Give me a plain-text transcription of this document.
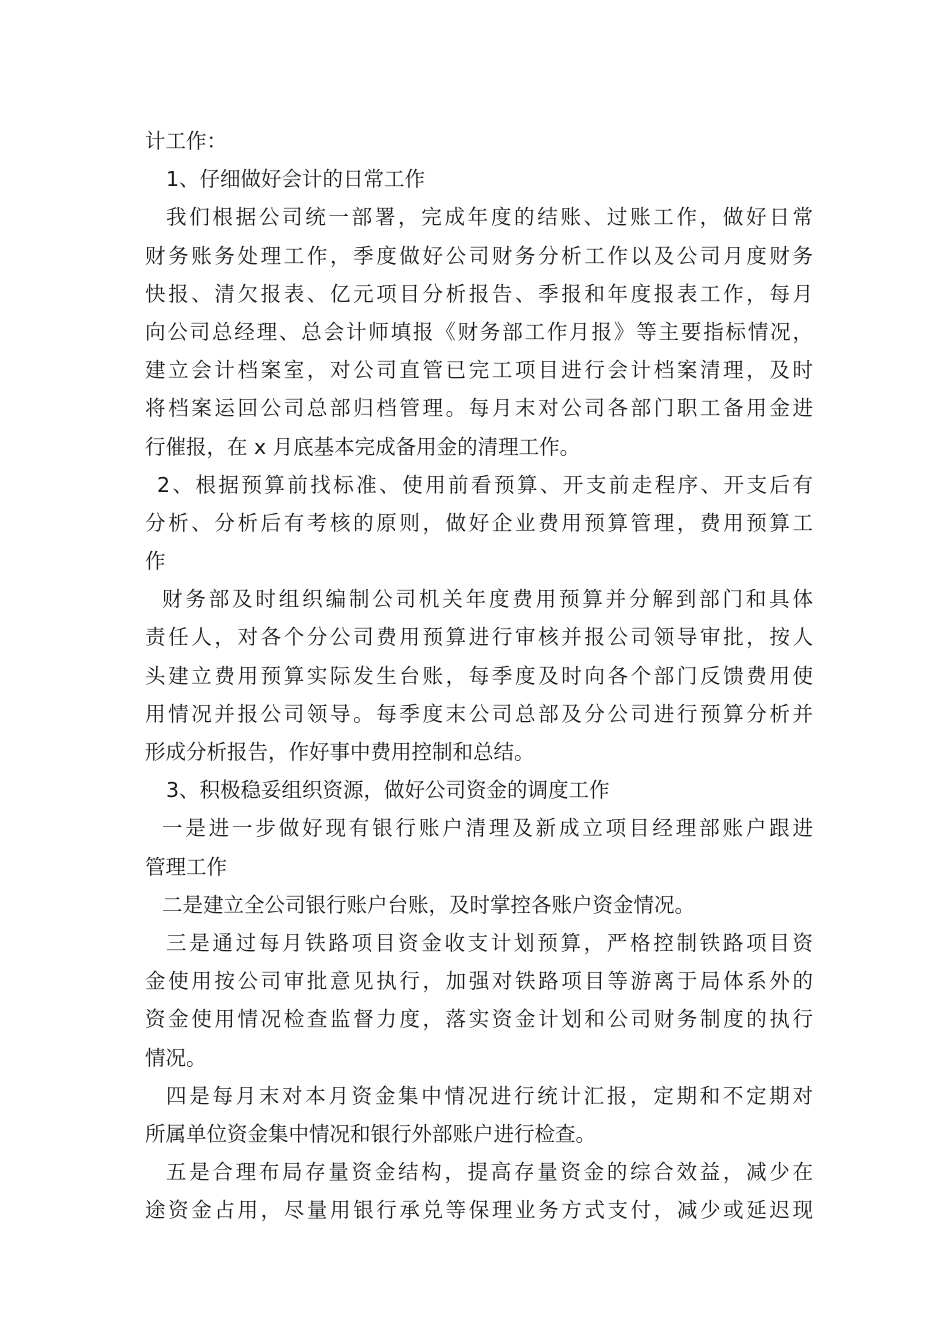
计工作：
1、仔细做好会计的日常工作
我们根据公司统一部署，完成年度的结账、过账工作，做好日常
财务账务处理工作，季度做好公司财务分析工作以及公司月度财务
快报、清欠报表、亿元项目分析报告、季报和年度报表工作，每月
向公司总经理、总会计师填报《财务部工作月报》等主要指标情况，
建立会计档案室，对公司直管已完工项目进行会计档案清理，及时
将档案运回公司总部归档管理。每月末对公司各部门职工备用金进
行催报，在 x 月底基本完成备用金的清理工作。
2、根据预算前找标准、使用前看预算、开支前走程序、开支后有
分析、分析后有考核的原则，做好企业费用预算管理，费用预算工
作
财务部及时组织编制公司机关年度费用预算并分解到部门和具体
责任人，对各个分公司费用预算进行审核并报公司领导审批，按人
头建立费用预算实际发生台账，每季度及时向各个部门反馈费用使
用情况并报公司领导。每季度末公司总部及分公司进行预算分析并
形成分析报告，作好事中费用控制和总结。
3、积极稳妥组织资源，做好公司资金的调度工作
一是进一步做好现有银行账户清理及新成立项目经理部账户跟进
管理工作
二是建立全公司银行账户台账，及时掌控各账户资金情况。
三是通过每月铁路项目资金收支计划预算，严格控制铁路项目资
金使用按公司审批意见执行，加强对铁路项目等游离于局体系外的
资金使用情况检查监督力度，落实资金计划和公司财务制度的执行
情况。
四是每月末对本月资金集中情况进行统计汇报，定期和不定期对
所属单位资金集中情况和银行外部账户进行检查。
五是合理布局存量资金结构，提高存量资金的综合效益，减少在
途资金占用，尽量用银行承兑等保理业务方式支付，减少或延迟现
